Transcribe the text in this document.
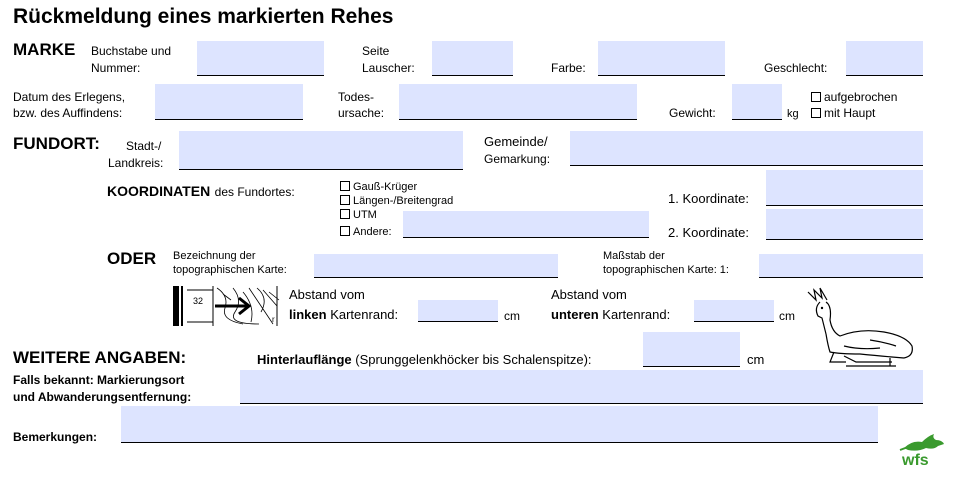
Rückmeldung eines markierten Rehes
MARKE Buchstabe und
Nummer:
Seite
Lauscher:	Farbe:	Geschlecht:
Datum des Erlegens,
bzw. des Auffindens:
Todes-
ursache:	Gewicht:	kg
aufgebrochen
mit Haupt
FUNDORT: Stadt-/
Landkreis:
Gemeinde/
Gemarkung:
KOORDINATEN des Fundortes:	Gauß-Krüger
Längen-/Breitengrad
UTM
Andere:
1. Koordinate:
2. Koordinate:
ODER Bezeichnung der
topographischen Karte:
Maßstab der
topographischen Karte: 1:
32
r
Abstand vom
linken Kartenrand:	cm
Abstand vom
unteren Kartenrand:	cm
WEITERE ANGABEN:	Hinterlauflänge (Sprunggelenkhöcker bis Schalenspitze):	cm
Falls bekannt: Markierungsort
und Abwanderungsentfernung:
Bemerkungen:
wfs
